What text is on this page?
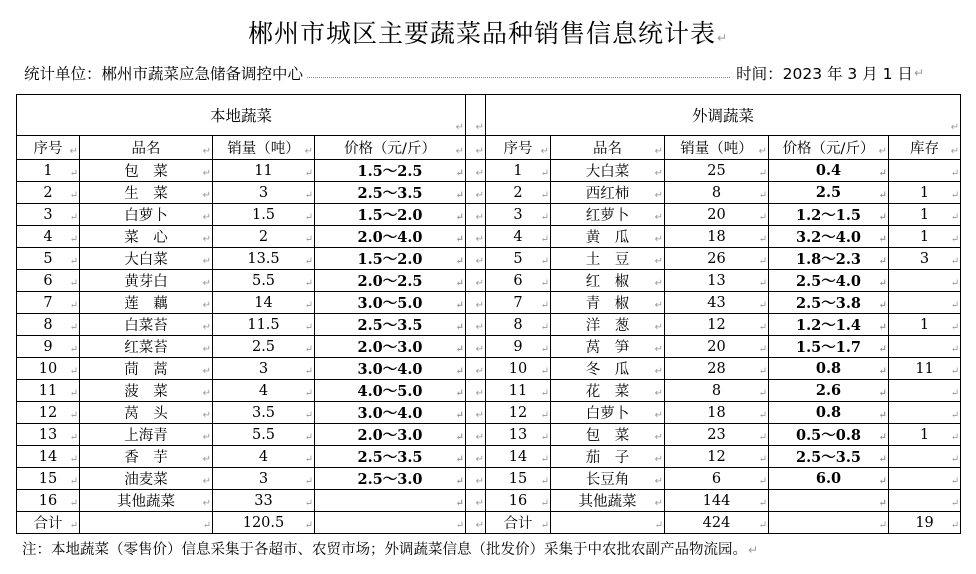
郴州市城区主要蔬菜品种销售信息统计表↵
统计单位：郴州市蔬菜应急储备调控中心	时间：2023 年 3 月 1 日 ↵
本地蔬菜
↵				↵	外调蔬菜
↵				

序号 ↵	品名 ↵	销量（吨） ↵	价格（元/斤） ↵	↵	序号 ↵	品名 ↵	销量（吨） ↵	价格（元/斤） ↵	库存 ↵

1 ↵	包　菜 ↵	11 ↵	1.5～2.5 ↵	↵	1 ↵	大白菜 ↵	25 ↵	0.4 ↵	↵

2 ↵	生　菜 ↵	3 ↵	2.5～3.5 ↵	↵	2 ↵	西红柿 ↵	8 ↵	2.5 ↵	1 ↵

3 ↵	白萝卜 ↵	1.5 ↵	1.5～2.0 ↵	↵	3 ↵	红萝卜 ↵	20 ↵	1.2～1.5 ↵	1 ↵

4 ↵	菜　心 ↵	2 ↵	2.0～4.0 ↵	↵	4 ↵	黄　瓜 ↵	18 ↵	3.2～4.0 ↵	1 ↵

5 ↵	大白菜 ↵	13.5 ↵	1.5～2.0 ↵	↵	5 ↵	土　豆 ↵	26 ↵	1.8～2.3 ↵	3 ↵

6 ↵	黄芽白 ↵	5.5 ↵	2.0～2.5 ↵	↵	6 ↵	红　椒 ↵	13 ↵	2.5～4.0 ↵	↵

7 ↵	莲　藕 ↵	14 ↵	3.0～5.0 ↵	↵	7 ↵	青　椒 ↵	43 ↵	2.5～3.8 ↵	↵

8 ↵	白菜苔 ↵	11.5 ↵	2.5～3.5 ↵	↵	8 ↵	洋　葱 ↵	12 ↵	1.2～1.4 ↵	1 ↵

9 ↵	红菜苔 ↵	2.5 ↵	2.0～3.0 ↵	↵	9 ↵	莴　笋 ↵	20 ↵	1.5～1.7 ↵	↵

10 ↵	茼　蒿 ↵	3 ↵	3.0～4.0 ↵	↵	10 ↵	冬　瓜 ↵	28 ↵	0.8 ↵	11 ↵

11 ↵	菠　菜 ↵	4 ↵	4.0～5.0 ↵	↵	11 ↵	花　菜 ↵	8 ↵	2.6 ↵	↵

12 ↵	莴　头 ↵	3.5 ↵	3.0～4.0 ↵	↵	12 ↵	白萝卜 ↵	18 ↵	0.8 ↵	↵

13 ↵	上海青 ↵	5.5 ↵	2.0～3.0 ↵	↵	13 ↵	包　菜 ↵	23 ↵	0.5～0.8 ↵	1 ↵

14 ↵	香　芋 ↵	4 ↵	2.5～3.5 ↵	↵	14 ↵	茄　子 ↵	12 ↵	2.5～3.5 ↵	↵

15 ↵	油麦菜 ↵	3 ↵	2.5～3.0 ↵	↵	15 ↵	长豆角 ↵	6 ↵	6.0 ↵	↵

16 ↵	其他蔬菜 ↵	33 ↵	↵	↵	16 ↵	其他蔬菜 ↵	144 ↵	↵	↵

合计 ↵	↵	120.5 ↵	↵	↵	合计 ↵	↵	424 ↵	↵	19 ↵
注：本地蔬菜（零售价）信息采集于各超市、农贸市场；外调蔬菜信息（批发价）采集于中农批农副产品物流园。↵
